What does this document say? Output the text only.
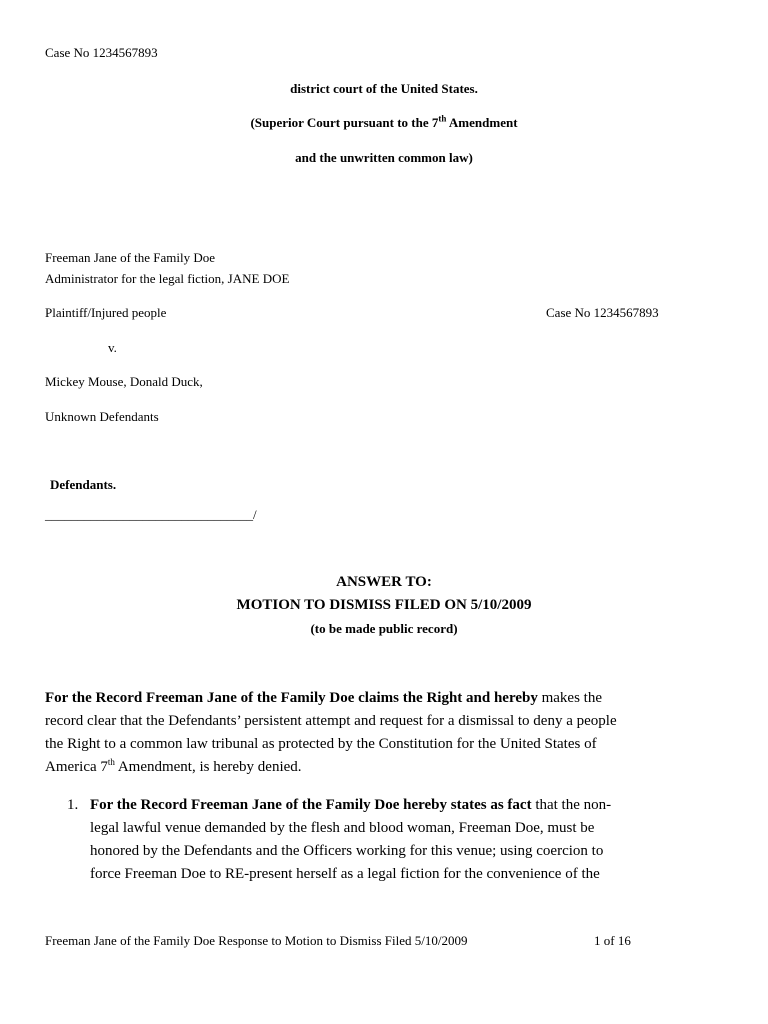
Case No 1234567893
district court of the United States.
(Superior Court pursuant to the 7th Amendment
and the unwritten common law)
Freeman Jane of the Family Doe
Administrator for the legal fiction, JANE DOE
Plaintiff/Injured people	Case No 1234567893
v.
Mickey Mouse, Donald Duck,
Unknown Defendants
Defendants.
________________________________/
ANSWER TO:
MOTION TO DISMISS FILED ON 5/10/2009
(to be made public record)
For the Record Freeman Jane of the Family Doe claims the Right and hereby makes the
record clear that the Defendants’ persistent attempt and request for a dismissal to deny a people
the Right to a common law tribunal as protected by the Constitution for the United States of
America 7th Amendment, is hereby denied.
1. For the Record Freeman Jane of the Family Doe hereby states as fact that the non-
legal lawful venue demanded by the flesh and blood woman, Freeman Doe, must be
honored by the Defendants and the Officers working for this venue; using coercion to
force Freeman Doe to RE-present herself as a legal fiction for the convenience of the
Freeman Jane of the Family Doe Response to Motion to Dismiss Filed 5/10/2009	1 of 16
